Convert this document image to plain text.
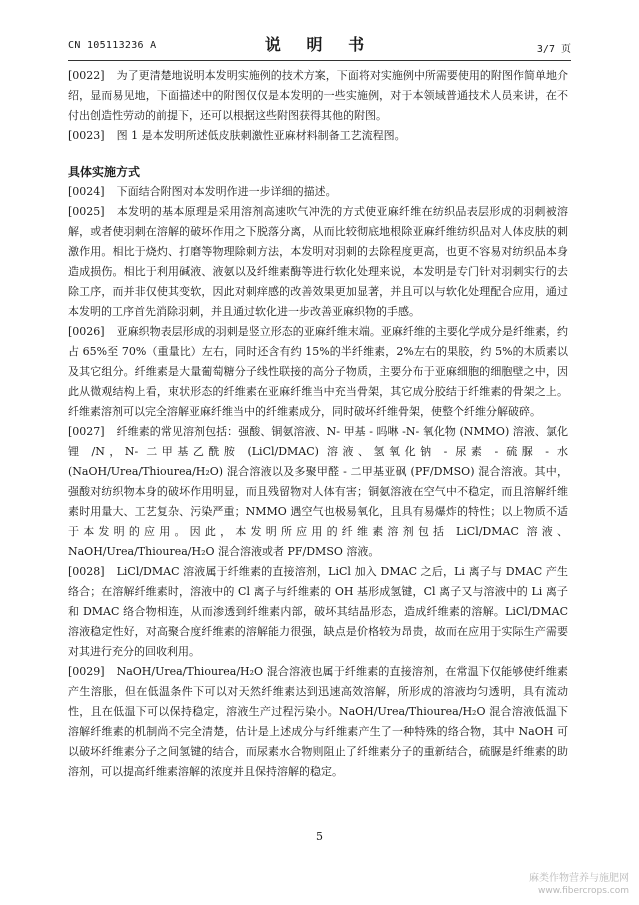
CN 105113236 A	说 明 书	3/7 页

[0022] 为了更清楚地说明本发明实施例的技术方案，下面将对实施例中所需要使用的附图作简单地介绍，显而易见地，下面描述中的附图仅仅是本发明的一些实施例，对于本领域普通技术人员来讲，在不付出创造性劳动的前提下，还可以根据这些附图获得其他的附图。

[0023] 图 1 是本发明所述低皮肤刺激性亚麻材料制备工艺流程图。

具体实施方式

[0024] 下面结合附图对本发明作进一步详细的描述。

[0025] 本发明的基本原理是采用溶剂高速吹气冲洗的方式使亚麻纤维在纺织品表层形成的羽刺被溶解，或者使羽刺在溶解的破坏作用之下脱落分离，从而比较彻底地根除亚麻纤维纺织品对人体皮肤的刺激作用。相比于烧灼、打磨等物理除刺方法，本发明对羽刺的去除程度更高，也更不容易对纺织品本身造成损伤。相比于利用碱液、液氨以及纤维素酶等进行软化处理来说，本发明是专门针对羽刺实行的去除工序，而并非仅使其变软，因此对刺痒感的改善效果更加显著，并且可以与软化处理配合应用，通过本发明的工序首先消除羽刺，并且通过软化进一步改善亚麻织物的手感。

[0026] 亚麻织物表层形成的羽刺是竖立形态的亚麻纤维末端。亚麻纤维的主要化学成分是纤维素，约占 65%至 70%（重量比）左右，同时还含有约 15%的半纤维素，2%左右的果胶，约 5%的木质素以及其它组分。纤维素是大量葡萄糖分子线性联接的高分子物质，主要分布于亚麻细胞的细胞壁之中，因此从微观结构上看，束状形态的纤维素在亚麻纤维当中充当骨架，其它成分胶结于纤维素的骨架之上。纤维素溶剂可以完全溶解亚麻纤维当中的纤维素成分，同时破坏纤维骨架，使整个纤维分解破碎。

[0027] 纤维素的常见溶剂包括：强酸、铜氨溶液、N- 甲基 - 吗啉 -N- 氧化物 (NMMO) 溶液、氯化锂 /N，N- 二甲基乙酰胺 (LiCl/DMAC) 溶液、氢氧化钠 - 尿素 - 硫脲 - 水 (NaOH/Urea/Thiourea/H₂O) 混合溶液以及多聚甲醛 - 二甲基亚砜 (PF/DMSO) 混合溶液。其中，强酸对纺织物本身的破坏作用明显，而且残留物对人体有害；铜氨溶液在空气中不稳定，而且溶解纤维素时用量大、工艺复杂、污染严重；NMMO 遇空气也极易氧化，且具有易爆炸的特性；以上物质不适于本发明的应用。因此，本发明所应用的纤维素溶剂包括 LiCl/DMAC 溶液、NaOH/Urea/Thiourea/H₂O 混合溶液或者 PF/DMSO 溶液。

[0028] LiCl/DMAC 溶液属于纤维素的直接溶剂，LiCl 加入 DMAC 之后，Li 离子与 DMAC 产生络合；在溶解纤维素时，溶液中的 Cl 离子与纤维素的 OH 基形成氢键，Cl 离子又与溶液中的 Li 离子和 DMAC 络合物相连，从而渗透到纤维素内部，破坏其结晶形态，造成纤维素的溶解。LiCl/DMAC 溶液稳定性好，对高聚合度纤维素的溶解能力很强，缺点是价格较为昂贵，故而在应用于实际生产需要对其进行充分的回收利用。

[0029] NaOH/Urea/Thiourea/H₂O 混合溶液也属于纤维素的直接溶剂，在常温下仅能够使纤维素产生溶胀，但在低温条件下可以对天然纤维素达到迅速高效溶解，所形成的溶液均匀透明，具有流动性，且在低温下可以保持稳定，溶液生产过程污染小。NaOH/Urea/Thiourea/H₂O 混合溶液低温下溶解纤维素的机制尚不完全清楚，估计是上述成分与纤维素产生了一种特殊的络合物，其中 NaOH 可以破坏纤维素分子之间氢键的结合，而尿素水合物则阻止了纤维素分子的重新结合，硫脲是纤维素的助溶剂，可以提高纤维素溶解的浓度并且保持溶解的稳定。

5
麻类作物营养与施肥网
www.fibercrops.com
